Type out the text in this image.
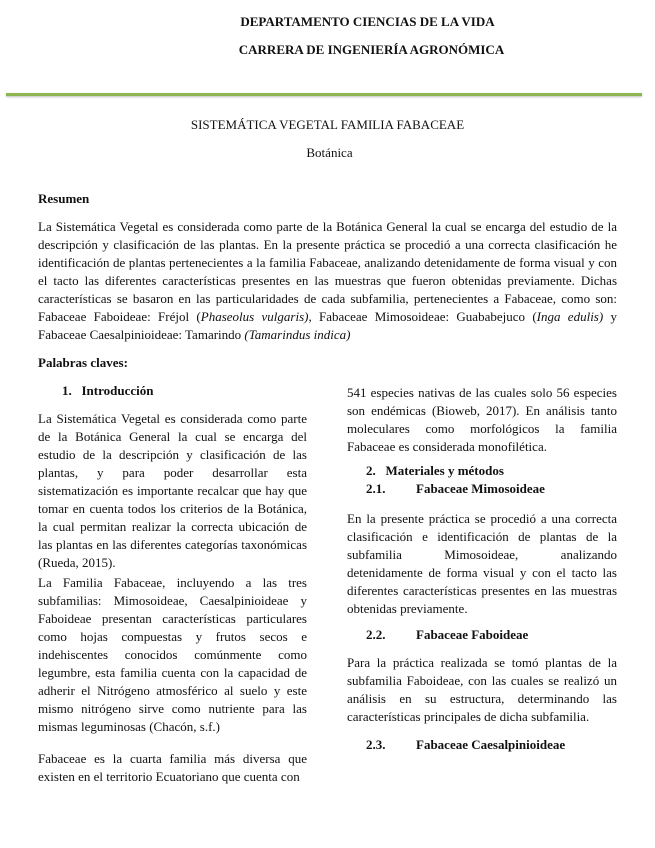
DEPARTAMENTO CIENCIAS DE LA VIDA
CARRERA DE INGENIERÍA AGRONÓMICA
SISTEMÁTICA VEGETAL FAMILIA FABACEAE
Botánica
Resumen
La Sistemática Vegetal es considerada como parte de la Botánica General la cual se encarga del estudio de la descripción y clasificación de las plantas. En la presente práctica se procedió a una correcta clasificación he identificación de plantas pertenecientes a la familia Fabaceae, analizando detenidamente de forma visual y con el tacto las diferentes características presentes en las muestras que fueron obtenidas previamente. Dichas características se basaron en las particularidades de cada subfamilia, pertenecientes a Fabaceae, como son: Fabaceae Faboideae: Fréjol (Phaseolus vulgaris), Fabaceae Mimosoideae: Guababejuco (Inga edulis) y Fabaceae Caesalpinioideae: Tamarindo (Tamarindus indica)
Palabras claves:
1. Introducción
La Sistemática Vegetal es considerada como parte de la Botánica General la cual se encarga del estudio de la descripción y clasificación de las plantas, y para poder desarrollar esta sistematización es importante recalcar que hay que tomar en cuenta todos los criterios de la Botánica, la cual permitan realizar la correcta ubicación de las plantas en las diferentes categorías taxonómicas (Rueda, 2015).
La Familia Fabaceae, incluyendo a las tres subfamilias: Mimosoideae, Caesalpinioideae y Faboideae presentan características particulares como hojas compuestas y frutos secos e indehiscentes conocidos comúnmente como legumbre, esta familia cuenta con la capacidad de adherir el Nitrógeno atmosférico al suelo y este mismo nitrógeno sirve como nutriente para las mismas leguminosas (Chacón, s.f.)
Fabaceae es la cuarta familia más diversa que existen en el territorio Ecuatoriano que cuenta con
541 especies nativas de las cuales solo 56 especies son endémicas (Bioweb, 2017). En análisis tanto moleculares como morfológicos la familia Fabaceae es considerada monofilética.
2. Materiales y métodos
2.1. Fabaceae Mimosoideae
En la presente práctica se procedió a una correcta clasificación e identificación de plantas de la subfamilia Mimosoideae, analizando detenidamente de forma visual y con el tacto las diferentes características presentes en las muestras obtenidas previamente.
2.2. Fabaceae Faboideae
Para la práctica realizada se tomó plantas de la subfamilia Faboideae, con las cuales se realizó un análisis en su estructura, determinando las características principales de dicha subfamilia.
2.3. Fabaceae Caesalpinioideae
